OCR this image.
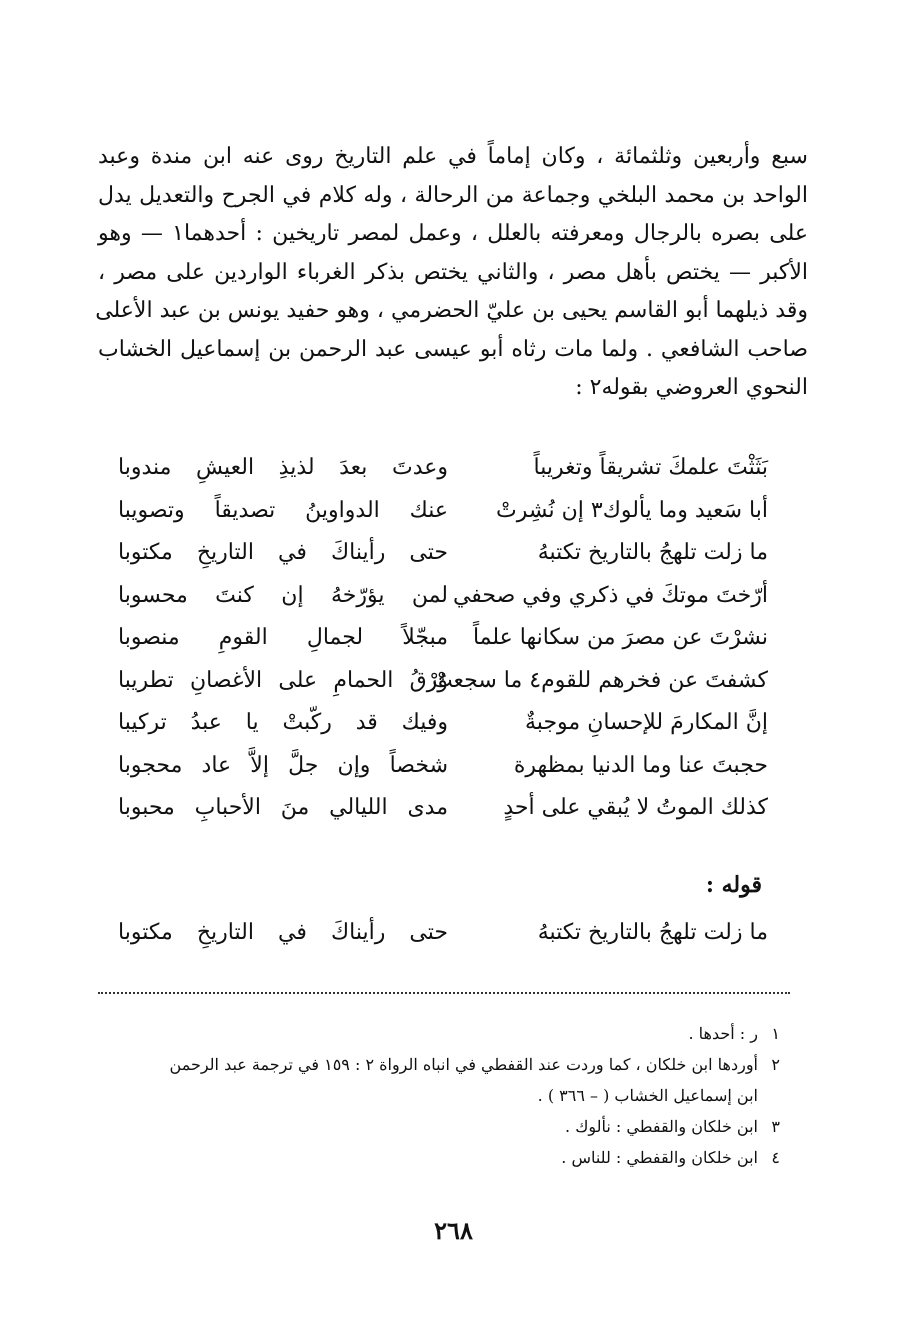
سبع وأربعين وثلثمائة ، وكان إماماً في علم التاريخ روى عنه ابن مندة وعبد
الواحد بن محمد البلخي وجماعة من الرحالة ، وله كلام في الجرح والتعديل يدل
على بصره بالرجال ومعرفته بالعلل ، وعمل لمصر تاريخين : أحدهما١ — وهو
الأكبر — يختص بأهل مصر ، والثاني يختص بذكر الغرباء الواردين على مصر ،
وقد ذيلهما أبو القاسم يحيى بن عليّ الحضرمي ، وهو حفيد يونس بن عبد الأعلى
صاحب الشافعي . ولما مات رثاه أبو عيسى عبد الرحمن بن إسماعيل الخشاب
النحوي العروضي بقوله٢ :
بَثَثْتَ علمكَ تشريقاً وتغريباً
وعدتَ بعدَ لذيذِ العيشِ مندوبا
أبا سَعيد وما يألوك٣ إن نُشِرتْ
عنك الدواوينُ تصديقاً وتصويبا
ما زلت تلهجُ بالتاريخ تكتبهُ
حتى رأيناكَ في التاريخِ مكتوبا
أرّختَ موتكَ في ذكري وفي صحفي
لمن يؤرّخهُ إن كنتَ محسوبا
نشرْتَ عن مصرَ من سكانها علماً
مبجّلاً لجمالِ القومِ منصوبا
كشفتَ عن فخرهم للقوم٤ ما سجعتْ
وُرْقُ الحمامِ على الأغصانِ تطريبا
إنَّ المكارمَ للإحسانِ موجبةٌ
وفيك قد ركّبتْ يا عبدُ تركيبا
حجبتَ عنا وما الدنيا بمظهرة
شخصاً وإن جلَّ إلاَّ عاد محجوبا
كذلك الموتُ لا يُبقي على أحدٍ
مدى الليالي منَ الأحبابِ محبوبا
قوله :
ما زلت تلهجُ بالتاريخ تكتبهُ
حتى رأيناكَ في التاريخِ مكتوبا
١
ر : أحدها .
٢
أوردها ابن خلكان ، كما وردت عند القفطي في انباه الرواة ٢ : ١٥٩ في ترجمة عبد الرحمن
ابن إسماعيل الخشاب ( – ٣٦٦ ) .
٣
ابن خلكان والقفطي : نألوك .
٤
ابن خلكان والقفطي : للناس .
٢٦٨
